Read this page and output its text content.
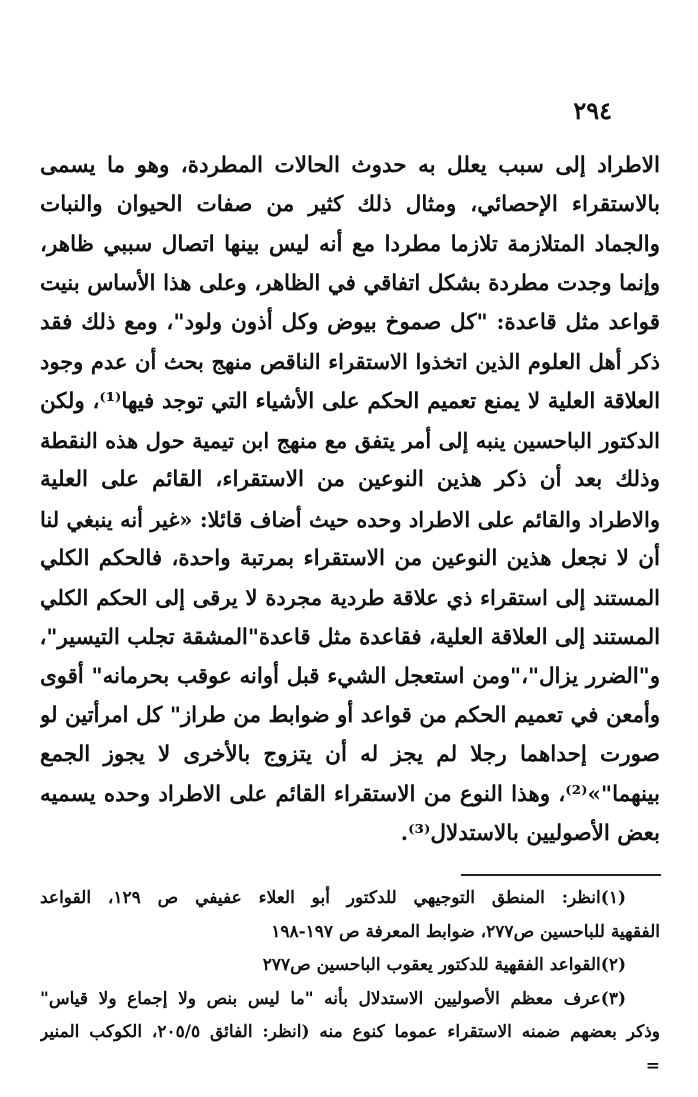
٢٩٤
الاطراد إلى سبب يعلل به حدوث الحالات المطردة، وهو ما يسمى
بالاستقراء الإحصائي، ومثال ذلك كثير من صفات الحيوان والنبات
والجماد المتلازمة تلازما مطردا مع أنه ليس بينها اتصال سببي ظاهر،
وإنما وجدت مطردة بشكل اتفاقي في الظاهر، وعلى هذا الأساس بنيت
قواعد مثل قاعدة: "كل صموخ بيوض وكل أذون ولود"، ومع ذلك فقد
ذكر أهل العلوم الذين اتخذوا الاستقراء الناقص منهج بحث أن عدم وجود
العلاقة العلية لا يمنع تعميم الحكم على الأشياء التي توجد فيها⁽¹⁾، ولكن
الدكتور الباحسين ينبه إلى أمر يتفق مع منهج ابن تيمية حول هذه النقطة
وذلك بعد أن ذكر هذين النوعين من الاستقراء، القائم على العلية
والاطراد والقائم على الاطراد وحده حيث أضاف قائلا: «غير أنه ينبغي لنا
أن لا نجعل هذين النوعين من الاستقراء بمرتبة واحدة، فالحكم الكلي
المستند إلى استقراء ذي علاقة طردية مجردة لا يرقى إلى الحكم الكلي
المستند إلى العلاقة العلية، فقاعدة مثل قاعدة"المشقة تجلب التيسير"،
و"الضرر يزال"،"ومن استعجل الشيء قبل أوانه عوقب بحرمانه" أقوى
وأمعن في تعميم الحكم من قواعد أو ضوابط من طراز" كل امرأتين لو
صورت إحداهما رجلا لم يجز له أن يتزوج بالأخرى لا يجوز الجمع
بينهما"»⁽²⁾، وهذا النوع من الاستقراء القائم على الاطراد وحده يسميه
بعض الأصوليين بالاستدلال⁽³⁾.
(١)انظر: المنطق التوجيهي للدكتور أبو العلاء عفيفي ص ١٢٩، القواعد
الفقهية للباحسين ص٢٧٧، ضوابط المعرفة ص ١٩٧-١٩٨
(٢)القواعد الفقهية للدكتور يعقوب الباحسين ص٢٧٧
(٣)عرف معظم الأصوليين الاستدلال بأنه "ما ليس بنص ولا إجماع ولا قياس"
وذكر بعضهم ضمنه الاستقراء عموما كنوع منه (انظر: الفائق ٢٠٥/٥، الكوكب المنير
=
